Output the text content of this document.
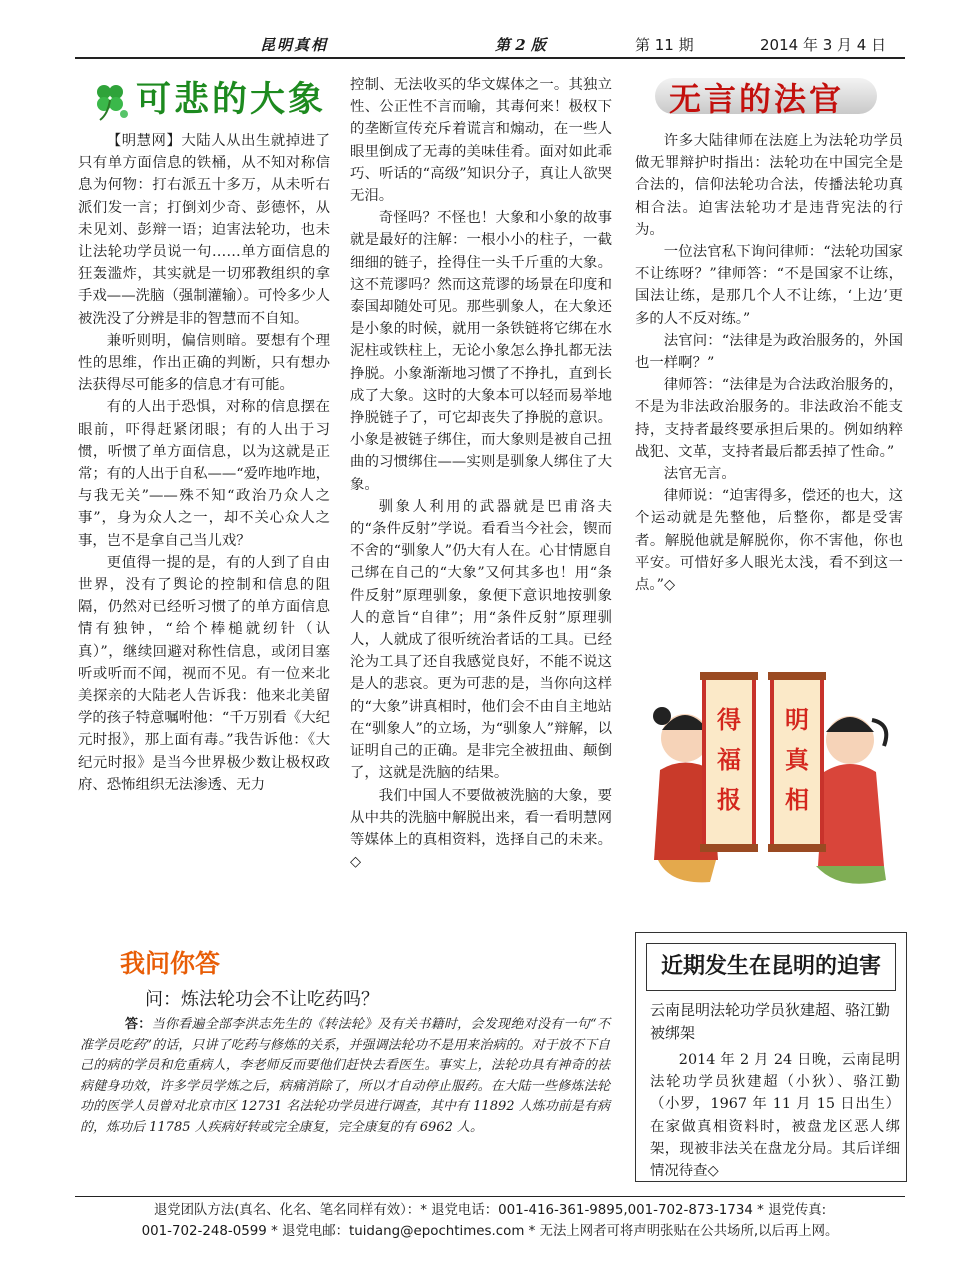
昆明真相	第 2 版	第 11 期	2014 年 3 月 4 日
可悲的大象

【明慧网】大陆人从出生就掉进了只有单方面信息的铁桶，从不知对称信息为何物：打右派五十多万，从未听右派们发一言；打倒刘少奇、彭德怀，从未见刘、彭辩一语；迫害法轮功，也未让法轮功学员说一句……单方面信息的狂轰滥炸，其实就是一切邪教组织的拿手戏——洗脑（强制灌输）。可怜多少人被洗没了分辨是非的智慧而不自知。

兼听则明，偏信则暗。要想有个理性的思维，作出正确的判断，只有想办法获得尽可能多的信息才有可能。

有的人出于恐惧，对称的信息摆在眼前，吓得赶紧闭眼；有的人出于习惯，听惯了单方面信息，以为这就是正常；有的人出于自私——“爱咋地咋地，与我无关”——殊不知“政治乃众人之事”，身为众人之一，却不关心众人之事，岂不是拿自己当儿戏？

更值得一提的是，有的人到了自由世界，没有了舆论的控制和信息的阻隔，仍然对已经听习惯了的单方面信息情有独钟，“给个棒槌就纫针（认真）”，继续回避对称性信息，或闭目塞听或听而不闻，视而不见。有一位来北美探亲的大陆老人告诉我：他来北美留学的孩子特意嘱咐他：“千万别看《大纪元时报》，那上面有毒。”我告诉他：《大纪元时报》是当今世界极少数让极权政府、恐怖组织无法渗透、无力

控制、无法收买的华文媒体之一。其独立性、公正性不言而喻，其毒何来！极权下的垄断宣传充斥着谎言和煽动，在一些人眼里倒成了无毒的美味佳肴。面对如此乖巧、听话的“高级”知识分子，真让人欲哭无泪。

奇怪吗？不怪也！大象和小象的故事就是最好的注解：一根小小的柱子，一截细细的链子，拴得住一头千斤重的大象。这不荒谬吗？然而这荒谬的场景在印度和泰国却随处可见。那些驯象人，在大象还是小象的时候，就用一条铁链将它绑在水泥柱或铁柱上，无论小象怎么挣扎都无法挣脱。小象渐渐地习惯了不挣扎，直到长成了大象。这时的大象本可以轻而易举地挣脱链子了，可它却丧失了挣脱的意识。小象是被链子绑住，而大象则是被自己扭曲的习惯绑住——实则是驯象人绑住了大象。

驯象人利用的武器就是巴甫洛夫的“条件反射”学说。看看当今社会，锲而不舍的“驯象人”仍大有人在。心甘情愿自己绑在自己的“大象”又何其多也！用“条件反射”原理驯象，象便下意识地按驯象人的意旨“自律”；用“条件反射”原理驯人，人就成了很听统治者话的工具。已经沦为工具了还自我感觉良好，不能不说这是人的悲哀。更为可悲的是，当你向这样的“大象”讲真相时，他们会不由自主地站在“驯象人”的立场，为“驯象人”辩解，以证明自己的正确。是非完全被扭曲、颠倒了，这就是洗脑的结果。

我们中国人不要做被洗脑的大象，要从中共的洗脑中解脱出来，看一看明慧网等媒体上的真相资料，选择自己的未来。◇

无言的法官

许多大陆律师在法庭上为法轮功学员做无罪辩护时指出：法轮功在中国完全是合法的，信仰法轮功合法，传播法轮功真相合法。迫害法轮功才是违背宪法的行为。

一位法官私下询问律师：“法轮功国家不让练呀？”律师答：“不是国家不让练，国法让练，是那几个人不让练，‘上边’更多的人不反对练。”

法官问：“法律是为政治服务的，外国也一样啊？”

律师答：“法律是为合法政治服务的，不是为非法政治服务的。非法政治不能支持，支持者最终要承担后果的。例如纳粹战犯、文革，支持者最后都丢掉了性命。”

法官无言。

律师说：“迫害得多，偿还的也大，这个运动就是先整他，后整你，都是受害者。解脱他就是解脱你，你不害他，你也平安。可惜好多人眼光太浅，看不到这一点。”◇

得福报
明真相
我问你答
问：炼法轮功会不让吃药吗？
答：当你看遍全部李洪志先生的《转法轮》及有关书籍时，会发现绝对没有一句“不准学员吃药”的话，只讲了吃药与修炼的关系，并强调法轮功不是用来治病的。对于放不下自己的病的学员和危重病人，李老师反而要他们赶快去看医生。事实上，法轮功具有神奇的祛病健身功效，许多学员学炼之后，病痛消除了，所以才自动停止服药。在大陆一些修炼法轮功的医学人员曾对北京市区 12731 名法轮功学员进行调查，其中有 11892 人炼功前是有病的，炼功后 11785 人疾病好转或完全康复，完全康复的有 6962 人。
近期发生在昆明的迫害
云南昆明法轮功学员狄建超、骆江勤被绑架

2014 年 2 月 24 日晚，云南昆明法轮功学员狄建超（小狄）、骆江勤（小罗，1967 年 11 月 15 日出生）在家做真相资料时，被盘龙区恶人绑架，现被非法关在盘龙分局。其后详细情况待查◇

退党团队方法(真名、化名、笔名同样有效）：* 退党电话：001-416-361-9895,001-702-873-1734 * 退党传真:
001-702-248-0599 * 退党电邮：tuidang@epochtimes.com * 无法上网者可将声明张贴在公共场所,以后再上网。
